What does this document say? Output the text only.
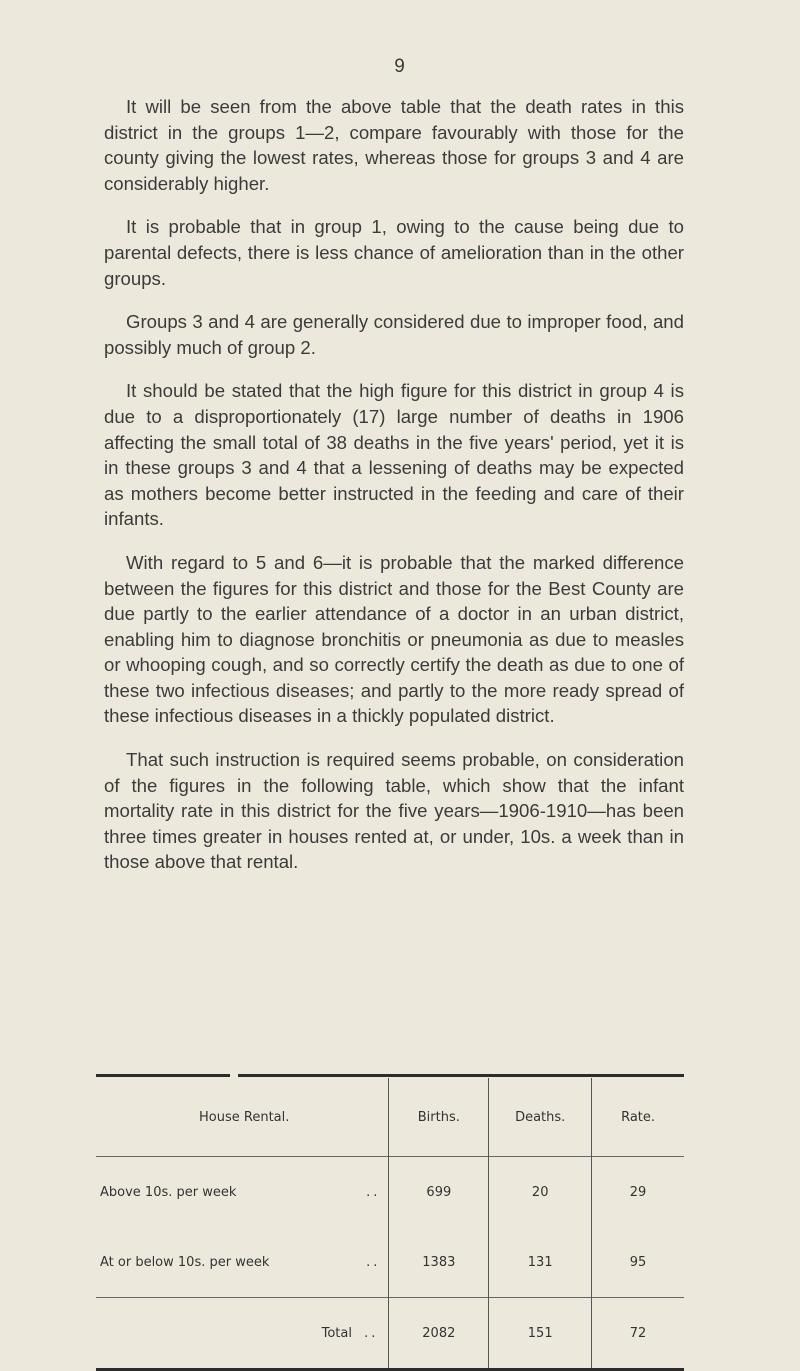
9

It will be seen from the above table that the death rates in this district in the groups 1—2, compare favourably with those for the county giving the lowest rates, whereas those for groups 3 and 4 are considerably higher.

It is probable that in group 1, owing to the cause being due to parental defects, there is less chance of amelioration than in the other groups.

Groups 3 and 4 are generally considered due to improper food, and possibly much of group 2.

It should be stated that the high figure for this district in group 4 is due to a disproportionately (17) large number of deaths in 1906 affecting the small total of 38 deaths in the five years' period, yet it is in these groups 3 and 4 that a lessening of deaths may be expected as mothers become better instructed in the feeding and care of their infants.

With regard to 5 and 6—it is probable that the marked difference between the figures for this district and those for the Best County are due partly to the earlier attendance of a doctor in an urban district, enabling him to diagnose bronchitis or pneumonia as due to measles or whooping cough, and so correctly certify the death as due to one of these two infectious diseases; and partly to the more ready spread of these infectious diseases in a thickly populated district.

That such instruction is required seems probable, on consideration of the figures in the following table, which show that the infant mortality rate in this district for the five years—1906-1910—has been three times greater in houses rented at, or under, 10s. a week than in those above that rental.

House Rental.	Births.	Deaths.	Rate.
Above 10s. per week ..	699	20	29
At or below 10s. per week ..	1383	131	95

Total ..	2082	151	72
